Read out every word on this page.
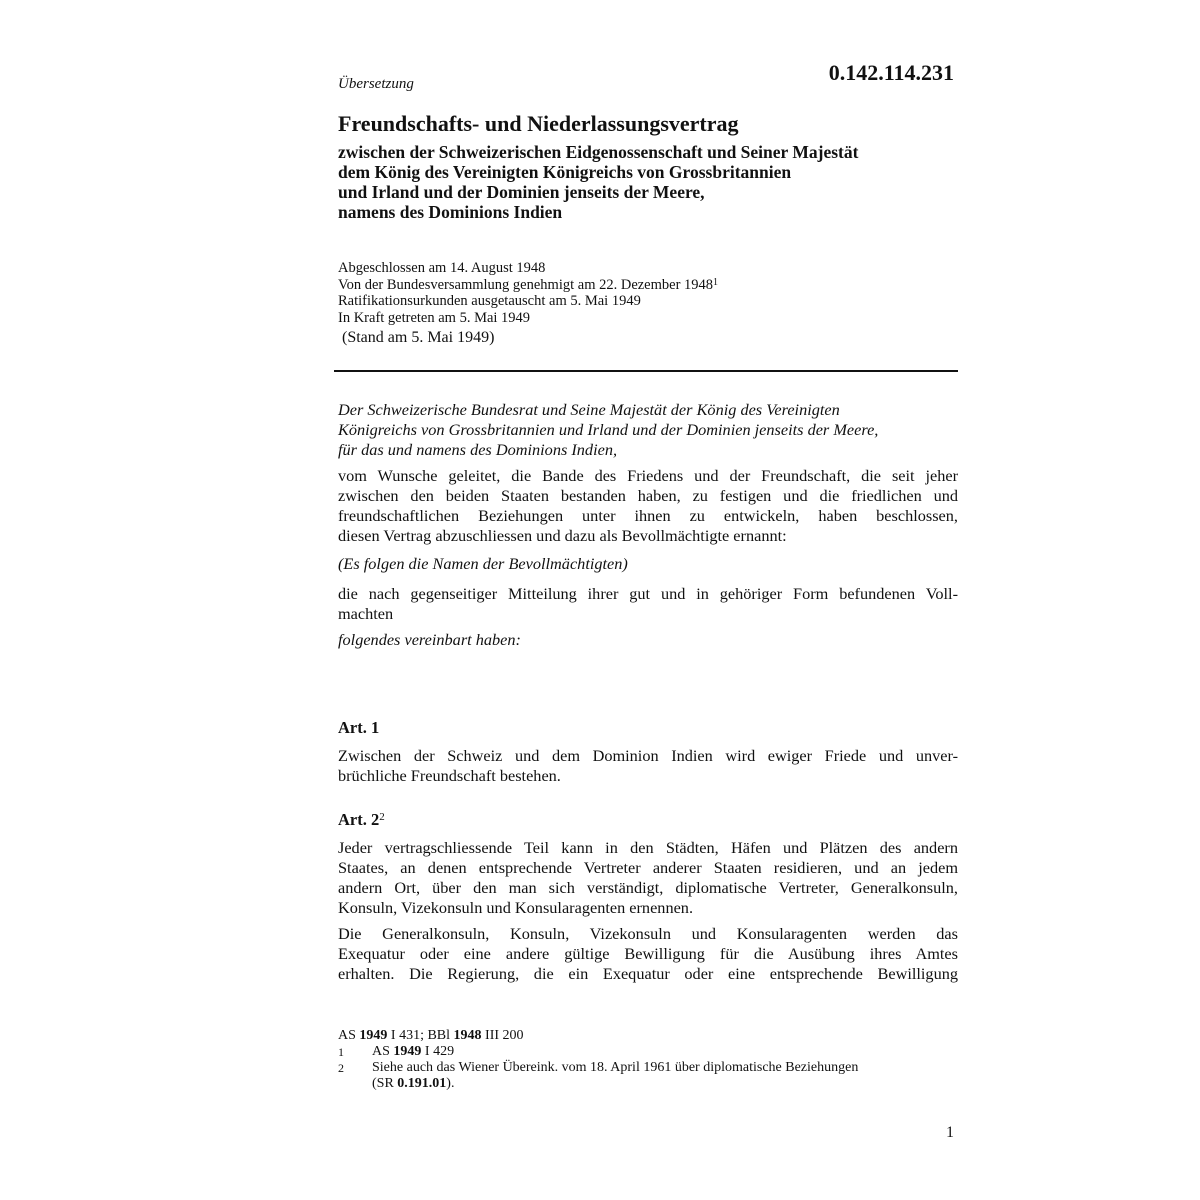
Übersetzung	0.142.114.231
Freundschafts- und Niederlassungsvertrag
zwischen der Schweizerischen Eidgenossenschaft und Seiner Majestät
dem König des Vereinigten Königreichs von Grossbritannien
und Irland und der Dominien jenseits der Meere,
namens des Dominions Indien
Abgeschlossen am 14. August 1948
Von der Bundesversammlung genehmigt am 22. Dezember 1948$^1$
Ratifikationsurkunden ausgetauscht am 5. Mai 1949
In Kraft getreten am 5. Mai 1949
(Stand am 5. Mai 1949)

Der Schweizerische Bundesrat und Seine Majestät der König des Vereinigten
Königreichs von Grossbritannien und Irland und der Dominien jenseits der Meere,
für das und namens des Dominions Indien,

vom Wunsche geleitet, die Bande des Friedens und der Freundschaft, die seit jeher
zwischen den beiden Staaten bestanden haben, zu festigen und die friedlichen und
freundschaftlichen Beziehungen unter ihnen zu entwickeln, haben beschlossen,
diesen Vertrag abzuschliessen und dazu als Bevollmächtigte ernannt:

(Es folgen die Namen der Bevollmächtigten)

die nach gegenseitiger Mitteilung ihrer gut und in gehöriger Form befundenen Voll-
machten

folgendes vereinbart haben:

Art. 1

Zwischen der Schweiz und dem Dominion Indien wird ewiger Friede und unver-
brüchliche Freundschaft bestehen.

Art. $2^2$

Jeder vertragschliessende Teil kann in den Städten, Häfen und Plätzen des andern
Staates, an denen entsprechende Vertreter anderer Staaten residieren, und an jedem
andern Ort, über den man sich verständigt, diplomatische Vertreter, Generalkonsuln,
Konsuln, Vizekonsuln und Konsularagenten ernennen.

Die Generalkonsuln, Konsuln, Vizekonsuln und Konsularagenten werden das
Exequatur oder eine andere gültige Bewilligung für die Ausübung ihres Amtes
erhalten. Die Regierung, die ein Exequatur oder eine entsprechende Bewilligung

AS 1949 I 431; BBl 1948 III 200
1	AS 1949 I 429
2	Siehe auch das Wiener Übereink. vom 18. April 1961 über diplomatische Beziehungen
(SR 0.191.01).
1
